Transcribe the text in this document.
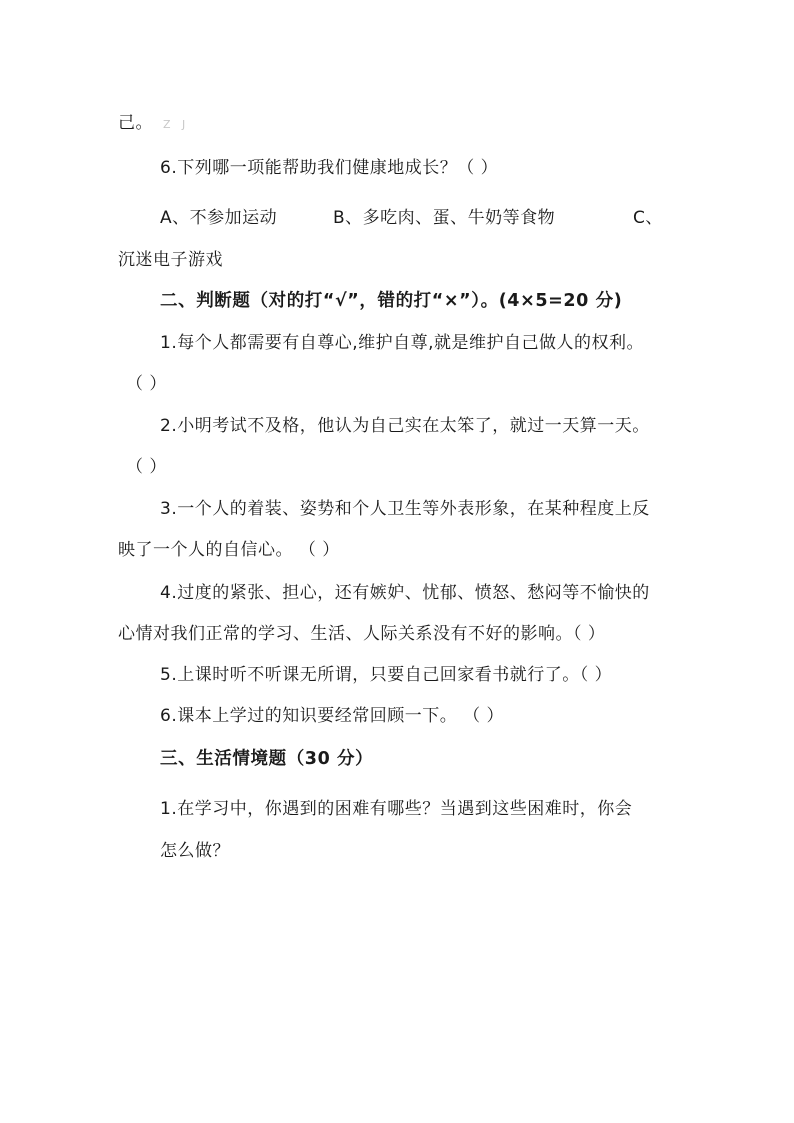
己。 Z J
6.下列哪一项能帮助我们健康地成长？（ ）
A、不参加运动	B、多吃肉、蛋、牛奶等食物	C、
沉迷电子游戏
二、判断题（对的打“√”，错的打“×”）。(4×5=20 分)
1.每个人都需要有自尊心,维护自尊,就是维护自己做人的权利。
（ ）
2.小明考试不及格，他认为自己实在太笨了，就过一天算一天。
（ ）
3.一个人的着装、姿势和个人卫生等外表形象，在某种程度上反
映了一个人的自信心。 （ ）
4.过度的紧张、担心，还有嫉妒、忧郁、愤怒、愁闷等不愉快的
心情对我们正常的学习、生活、人际关系没有不好的影响。（ ）
5.上课时听不听课无所谓，只要自己回家看书就行了。（ ）
6.课本上学过的知识要经常回顾一下。 （ ）
三、生活情境题（30 分）
1.在学习中，你遇到的困难有哪些？当遇到这些困难时，你会
怎么做？
